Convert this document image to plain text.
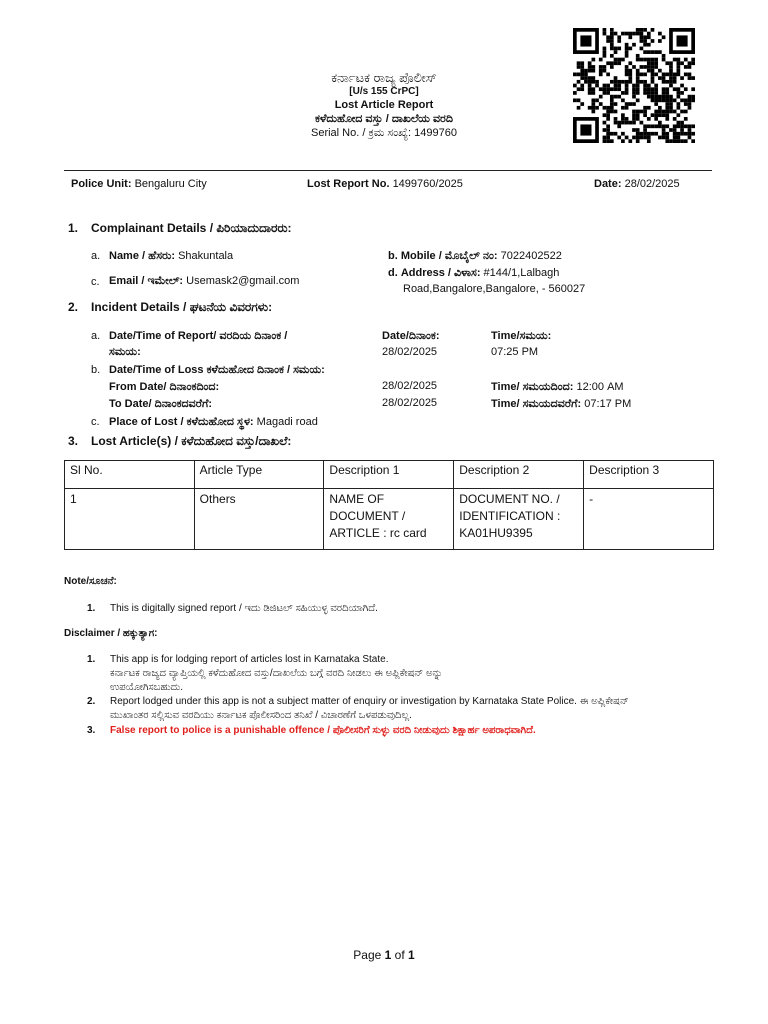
ಕರ್ನಾಟಕ ರಾಜ್ಯ ಪೊಲೀಸ್
[U/s 155 CrPC]
Lost Article Report
ಕಳೆದುಹೋದ ವಸ್ತು / ದಾಖಲೆಯ ವರದಿ
Serial No. / ಕ್ರಮ ಸಂಖ್ಯೆ: 1499760
Police Unit: Bengaluru City	Lost Report No. 1499760/2025	Date: 28/02/2025
1. Complainant Details / ಪಿರಿಯಾದುದಾರರು:
a. Name / ಹೆಸರು: Shakuntala	b. Mobile / ಮೊಬೈಲ್ ನಂ: 7022402522
c. Email / ಇಮೇಲ್: Usemask2@gmail.com
d. Address / ವಿಳಾಸ: #144/1,Lalbagh
Road,Bangalore,Bangalore, - 560027
2. Incident Details / ಘಟನೆಯ ವಿವರಗಳು:
a. Date/Time of Report/ ವರದಿಯ ದಿನಾಂಕ /
ಸಮಯ:
Date/ದಿನಾಂಕ:	Time/ಸಮಯ:
28/02/2025	07:25 PM
b. Date/Time of Loss ಕಳೆದುಹೋದ ದಿನಾಂಕ / ಸಮಯ:
From Date/ ದಿನಾಂಕದಿಂದ:	28/02/2025	Time/ ಸಮಯದಿಂದ: 12:00 AM
To Date/ ದಿನಾಂಕದವರೆಗೆ:	28/02/2025	Time/ ಸಮಯದವರೆಗೆ: 07:17 PM
c. Place of Lost / ಕಳೆದುಹೋದ ಸ್ಥಳ: Magadi road
3. Lost Article(s) / ಕಳೆದುಹೋದ ವಸ್ತು/ದಾಖಲೆ:
Sl No.	Article Type	Description 1	Description 2	Description 3
1	Others	NAME OF DOCUMENT / ARTICLE : rc card	DOCUMENT NO. / IDENTIFICATION : KA01HU9395	-
Note/ಸೂಚನೆ:
1. This is digitally signed report / ಇದು ಡಿಜಿಟಲ್ ಸಹಿಯುಳ್ಳ ವರದಿಯಾಗಿದೆ.
Disclaimer / ಹಕ್ಕುತ್ಯಾಗ:
1. This app is for lodging report of articles lost in Karnataka State.
ಕರ್ನಾಟಕ ರಾಜ್ಯದ ವ್ಯಾಪ್ತಿಯಲ್ಲಿ ಕಳೆದುಹೋದ ವಸ್ತು/ದಾಖಲೆಯ ಬಗ್ಗೆ ವರದಿ ನೀಡಲು ಈ ಅಪ್ಲಿಕೇಷನ್ ಅನ್ನು
ಉಪಯೋಗಿಸಬಹುದು.
2. Report lodged under this app is not a subject matter of enquiry or investigation by Karnataka State Police. ಈ ಅಪ್ಲಿಕೇಷನ್
ಮುಖಾಂತರ ಸಲ್ಲಿಸುವ ವರದಿಯು ಕರ್ನಾಟಕ ಪೊಲೀಸರಿಂದ ತನಿಖೆ / ವಿಚಾರಣೆಗೆ ಒಳಪಡುವುದಿಲ್ಲ.
3. False report to police is a punishable offence / ಪೊಲೀಸರಿಗೆ ಸುಳ್ಳು ವರದಿ ನೀಡುವುದು ಶಿಕ್ಷಾರ್ಹ ಅಪರಾಧವಾಗಿದೆ.
Page 1 of 1
